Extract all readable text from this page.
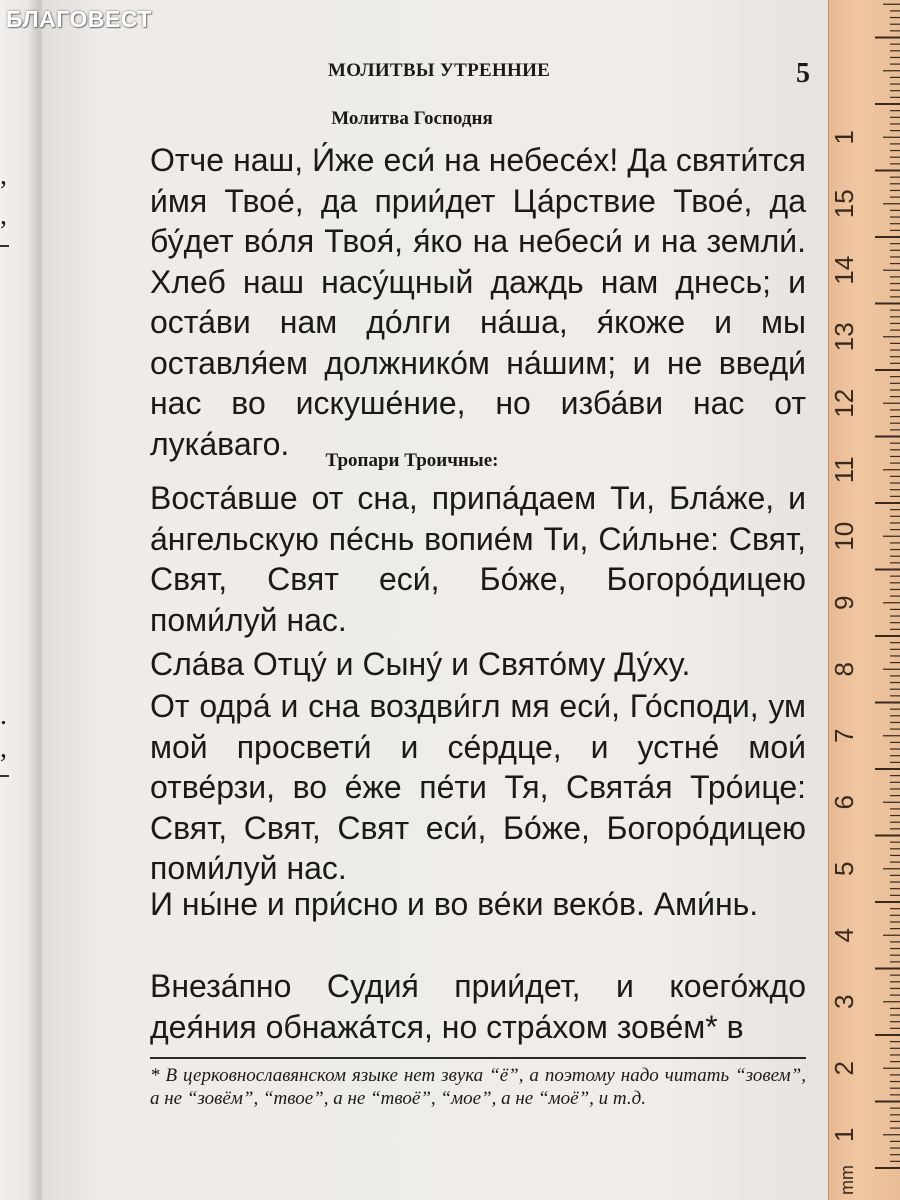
,
,
.
,
БЛАГОВЕСТ
МОЛИТВЫ УТРЕННИЕ	5
Молитва Господня
Отче наш, И́же еси́ на небесе́х! Да святи́тся и́мя Твое́, да прии́дет Ца́рствие Твое́, да бу́дет во́ля Твоя́, я́ко на небеси́ и на земли́. Хлеб наш насу́щный даждь нам днесь; и оста́ви нам до́лги на́ша, я́коже и мы оставля́ем должнико́м на́шим; и не введи́ нас во искуше́ние, но изба́ви нас от лука́ваго.	Тропари Троичные:
Воста́вше от сна, припа́даем Ти, Бла́же, и а́нгельскую пе́снь вопие́м Ти, Си́льне: Свят, Свят, Свят еси́, Бо́же, Богоро́дицею поми́луй нас.
Сла́ва Отцу́ и Сыну́ и Свято́му Ду́ху.
От одра́ и сна воздви́гл мя еси́, Го́споди, ум мой просвети́ и се́рдце, и устне́ мои́ отве́рзи, во е́же пе́ти Тя, Свята́я Тро́ице: Свят, Свят, Свят еси́, Бо́же, Богоро́дицею поми́луй нас.
И ны́не и при́сно и во ве́ки веко́в. Ами́нь.
Внеза́пно Судия́ прии́дет, и коего́ждо дея́ния обнажа́тся, но стра́хом зове́м* в
* В церковнославянском языке нет звука “ё”, а поэтому надо читать “зовем”, а не “зовём”, “твое”, а не “твоё”, “мое”, а не “моё”, и т.д.
1
2
3
4
5
6
7
8
9
10
11
12
13
14
15
1
mm
